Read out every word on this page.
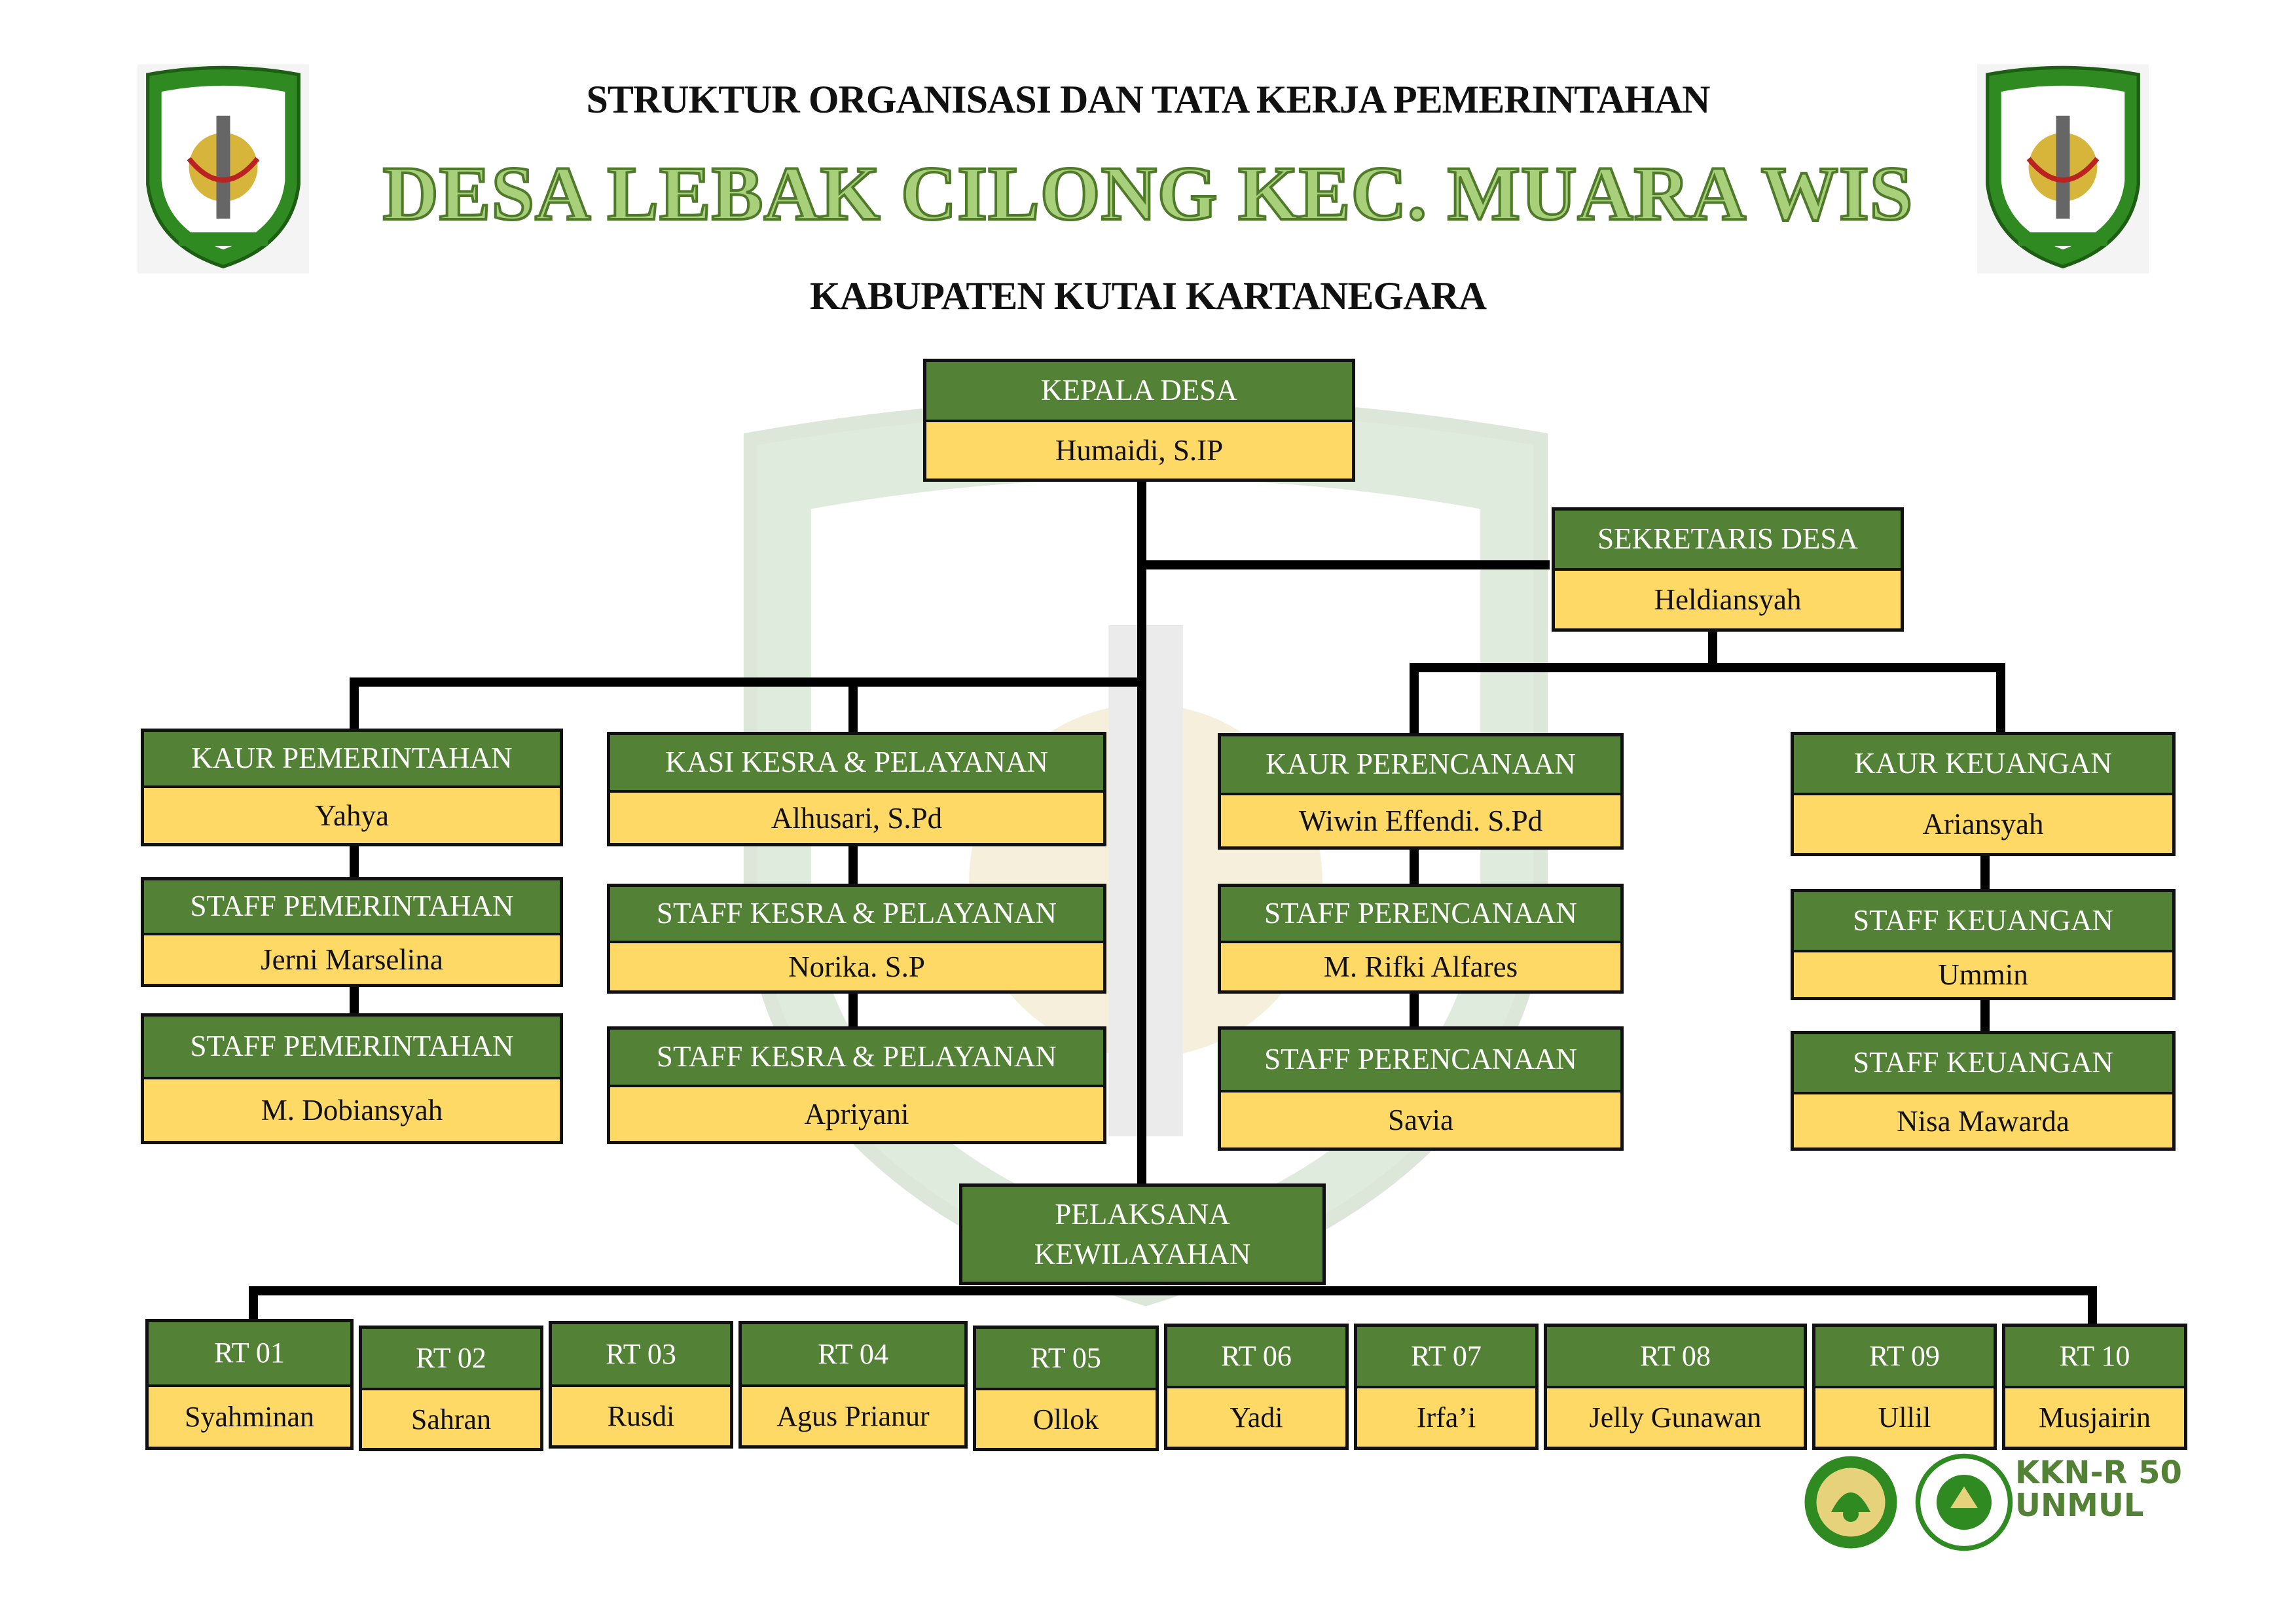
STRUKTUR ORGANISASI DAN TATA KERJA PEMERINTAHAN
DESA LEBAK CILONG KEC. MUARA WIS
KABUPATEN KUTAI KARTANEGARA
KEPALA DESA
Humaidi, S.IP
SEKRETARIS DESA
Heldiansyah
KAUR PEMERINTAHAN
Yahya
STAFF PEMERINTAHAN
Jerni Marselina
STAFF PEMERINTAHAN
M. Dobiansyah
KASI KESRA & PELAYANAN
Alhusari, S.Pd
STAFF KESRA & PELAYANAN
Norika. S.P
STAFF KESRA & PELAYANAN
Apriyani
KAUR PERENCANAAN
Wiwin Effendi. S.Pd
STAFF PERENCANAAN
M. Rifki Alfares
STAFF PERENCANAAN
Savia
KAUR KEUANGAN
Ariansyah
STAFF KEUANGAN
Ummin
STAFF KEUANGAN
Nisa Mawarda
PELAKSANA
KEWILAYAHAN
RT 01
Syahminan
RT 02
Sahran
RT 03
Rusdi
RT 04
Agus Prianur
RT 05
Ollok
RT 06
Yadi
RT 07
Irfa’i
RT 08
Jelly Gunawan
RT 09
Ullil
RT 10
Musjairin
KKN-R 50
UNMUL
